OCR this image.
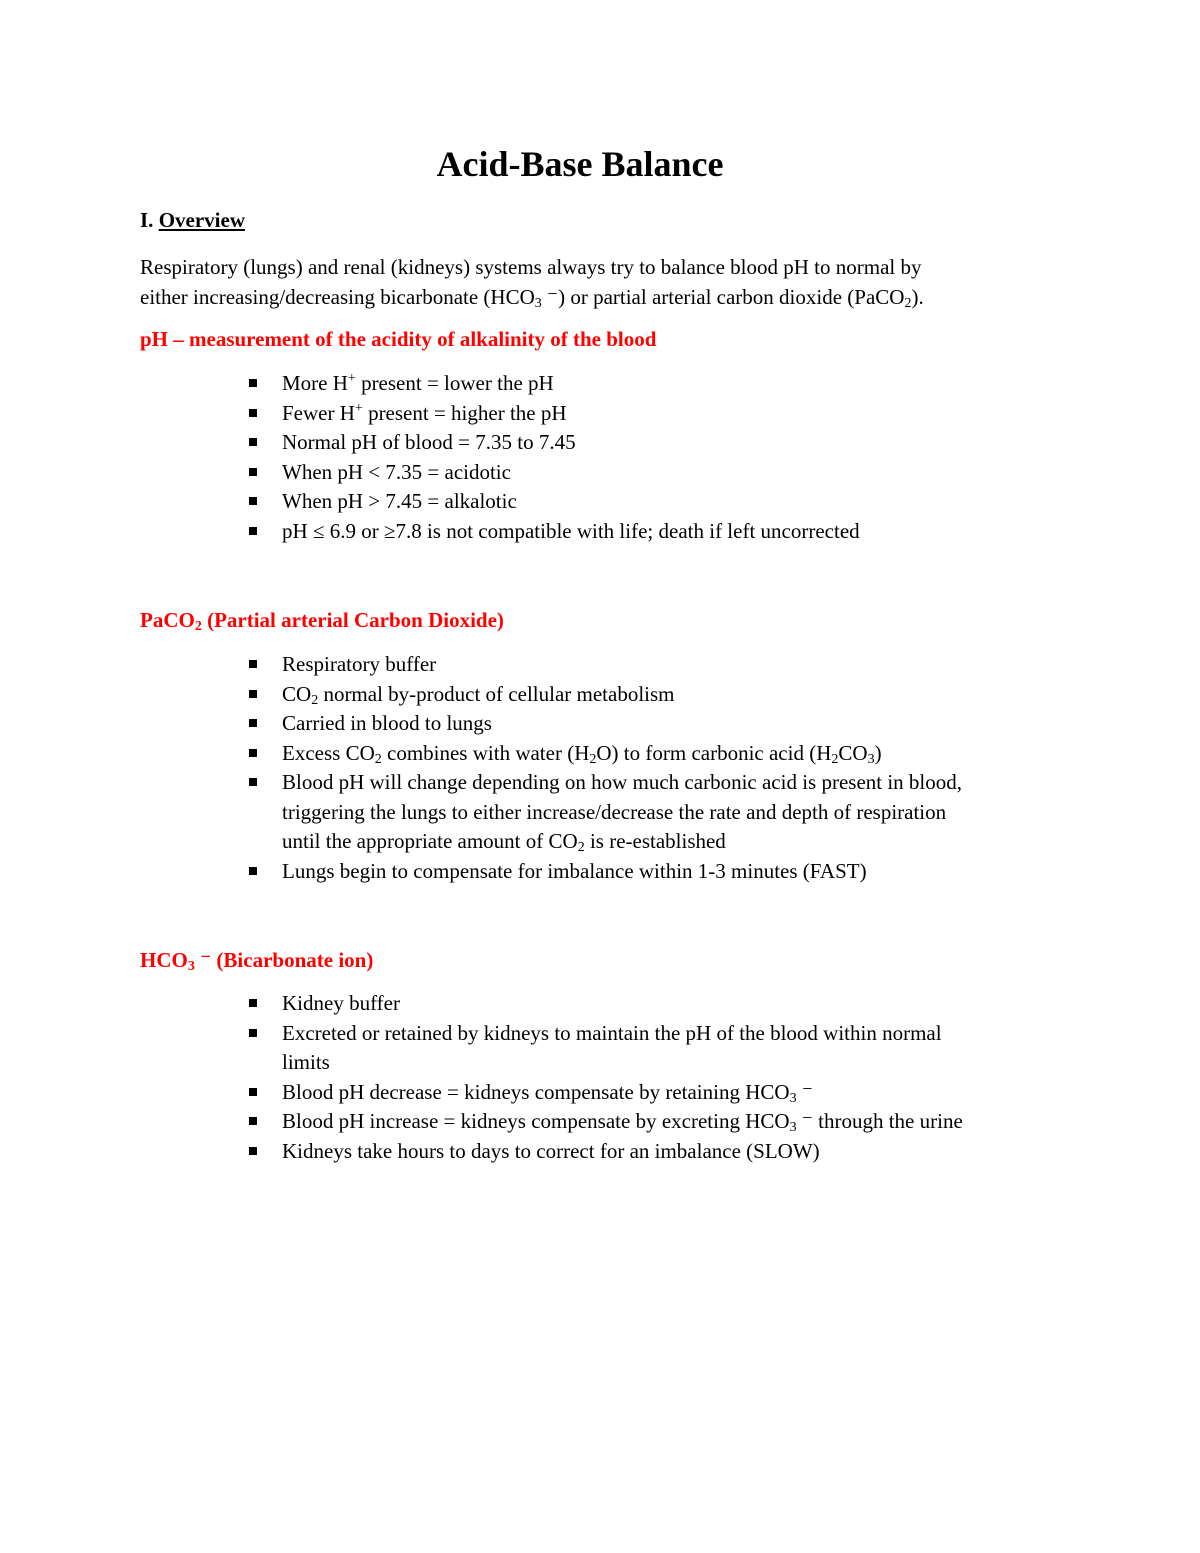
Acid-Base Balance
I. Overview

Respiratory (lungs) and renal (kidneys) systems always try to balance blood pH to normal by

either increasing/decreasing bicarbonate ($HCO_3$ ⁻) or partial arterial carbon dioxide (PaCO$_2$).

pH – measurement of the acidity of alkalinity of the blood
More H+ present = lower the pH
Fewer H+ present = higher the pH
Normal pH of blood = 7.35 to 7.45
When pH < 7.35 = acidotic
When pH > 7.45 = alkalotic
pH ≤ 6.9 or ≥7.8 is not compatible with life; death if left uncorrected
PaCO$_2$ (Partial arterial Carbon Dioxide)
Respiratory buffer
$CO_2$ normal by-product of cellular metabolism
Carried in blood to lungs
Excess $CO_2$ combines with water $(H_2O)$ to form carbonic acid $(H_2CO_3)$
Blood pH will change depending on how much carbonic acid is present in blood,
triggering the lungs to either increase/decrease the rate and depth of respiration
until the appropriate amount of $CO_2$ is re-established
Lungs begin to compensate for imbalance within 1-3 minutes (FAST)
$HCO_3$ ⁻ (Bicarbonate ion)
Kidney buffer
Excreted or retained by kidneys to maintain the pH of the blood within normal
limits
Blood pH decrease = kidneys compensate by retaining $HCO_3$ ⁻
Blood pH increase = kidneys compensate by excreting $HCO_3$ ⁻ through the urine
Kidneys take hours to days to correct for an imbalance (SLOW)
